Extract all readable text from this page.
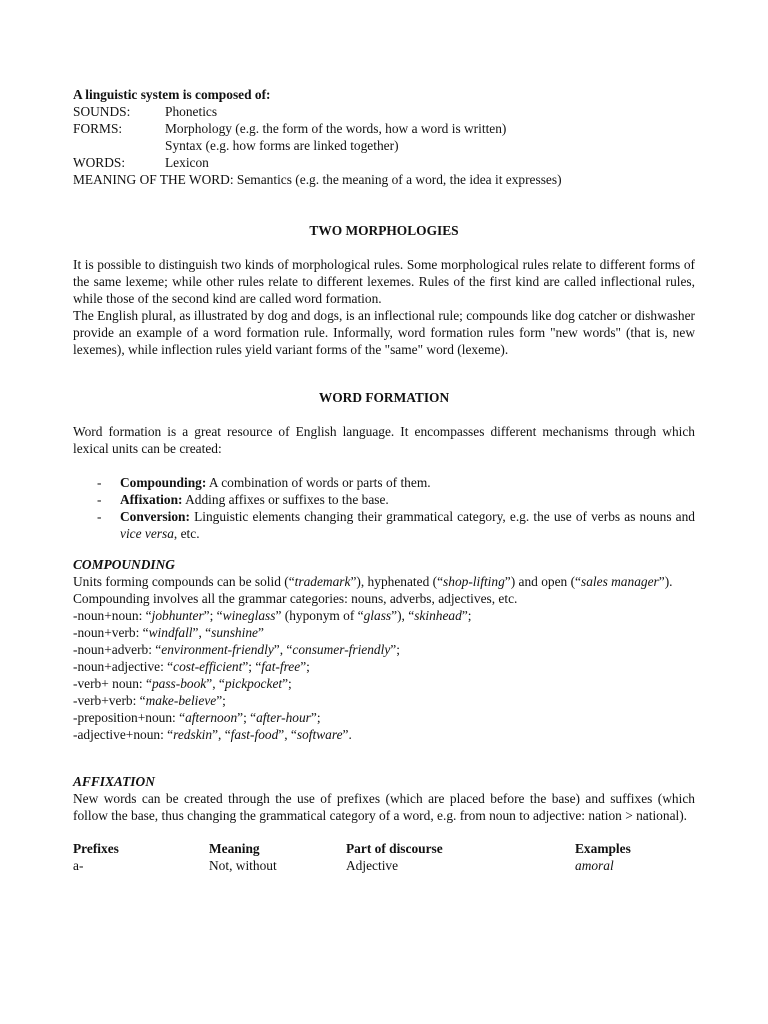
A linguistic system is composed of:
SOUNDS:	Phonetics
FORMS:	Morphology (e.g. the form of the words, how a word is written)
Syntax (e.g. how forms are linked together)
WORDS:	Lexicon
MEANING OF THE WORD: Semantics (e.g. the meaning of a word, the idea it expresses)
TWO MORPHOLOGIES
It is possible to distinguish two kinds of morphological rules. Some morphological rules relate to different forms of the same lexeme; while other rules relate to different lexemes. Rules of the first kind are called inflectional rules, while those of the second kind are called word formation.
The English plural, as illustrated by dog and dogs, is an inflectional rule; compounds like dog catcher or dishwasher provide an example of a word formation rule. Informally, word formation rules form "new words" (that is, new lexemes), while inflection rules yield variant forms of the "same" word (lexeme).
WORD FORMATION
Word formation is a great resource of English language. It encompasses different mechanisms through which lexical units can be created:
- Compounding: A combination of words or parts of them.
- Affixation: Adding affixes or suffixes to the base.
- Conversion: Linguistic elements changing their grammatical category, e.g. the use of verbs as nouns and vice versa, etc.
COMPOUNDING
Units forming compounds can be solid (“trademark”), hyphenated (“shop-lifting”) and open (“sales manager”).
Compounding involves all the grammar categories: nouns, adverbs, adjectives, etc.
-noun+noun: “jobhunter”; “wineglass” (hyponym of “glass”), “skinhead”;
-noun+verb: “windfall”, “sunshine”
-noun+adverb: “environment-friendly”, “consumer-friendly”;
-noun+adjective: “cost-efficient”; “fat-free”;
-verb+ noun: “pass-book”, “pickpocket”;
-verb+verb: “make-believe”;
-preposition+noun: “afternoon”; “after-hour”;
-adjective+noun: “redskin”, “fast-food”, “software”.
AFFIXATION
New words can be created through the use of prefixes (which are placed before the base) and suffixes (which follow the base, thus changing the grammatical category of a word, e.g. from noun to adjective: nation > national).
Prefixes	Meaning	Part of discourse	Examples
a-	Not, without	Adjective	amoral
